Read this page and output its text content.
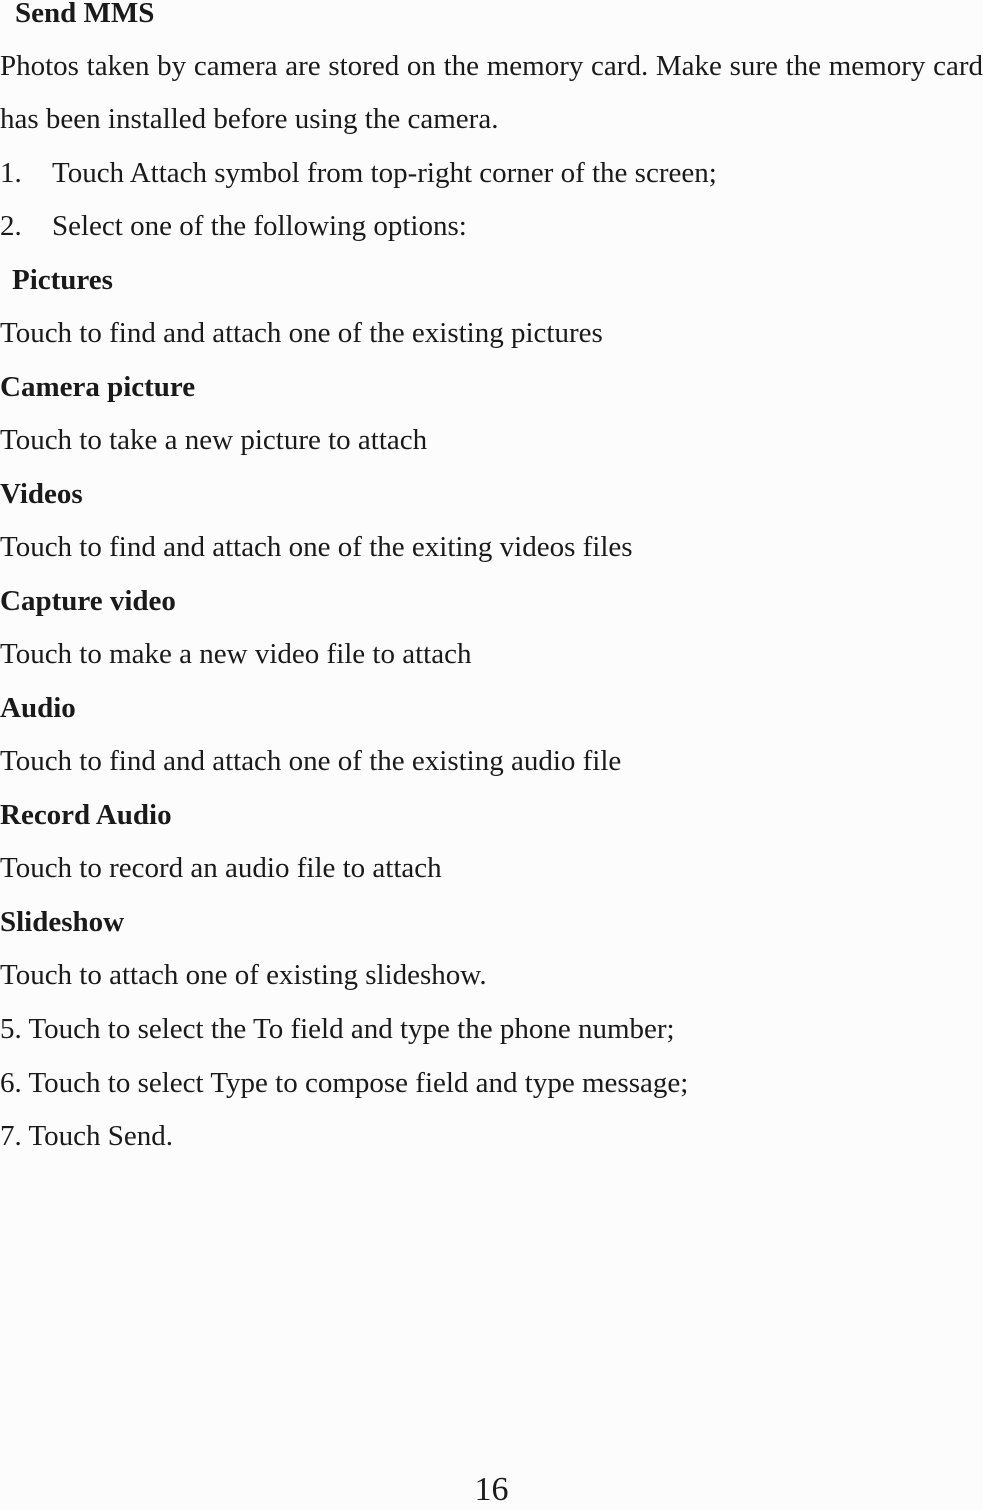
Send MMS
Photos taken by camera are stored on the memory card. Make sure the memory card
has been installed before using the camera.
1. Touch Attach symbol from top-right corner of the screen;
2. Select one of the following options:
Pictures
Touch to find and attach one of the existing pictures
Camera picture
Touch to take a new picture to attach
Videos
Touch to find and attach one of the exiting videos files
Capture video
Touch to make a new video file to attach
Audio
Touch to find and attach one of the existing audio file
Record Audio
Touch to record an audio file to attach
Slideshow
Touch to attach one of existing slideshow.
5. Touch to select the To field and type the phone number;
6. Touch to select Type to compose field and type message;
7. Touch Send.
16
